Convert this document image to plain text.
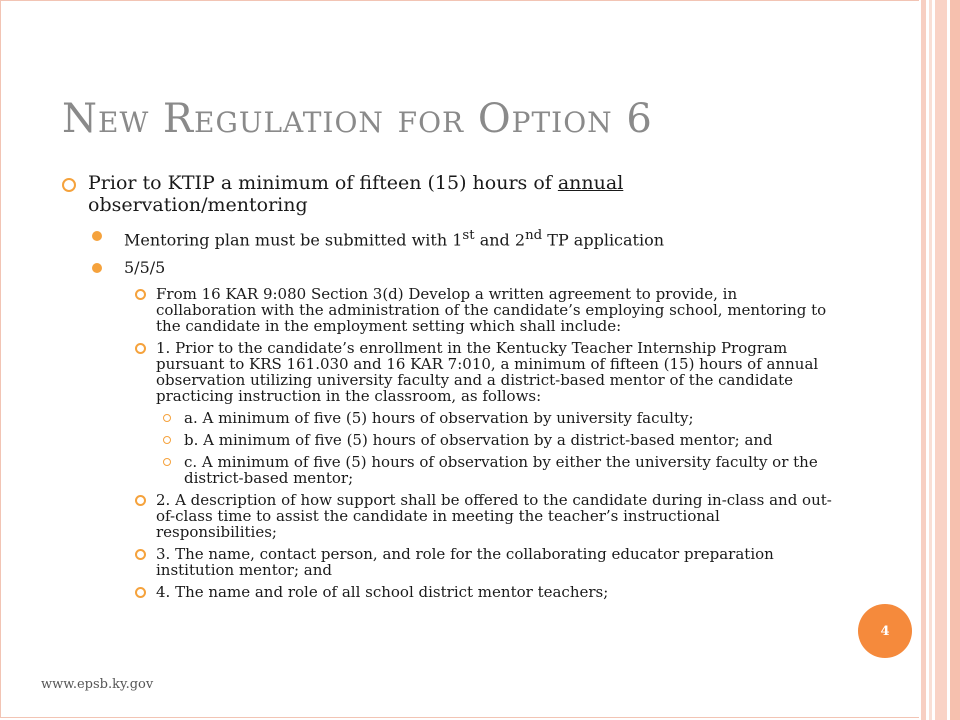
New Regulation for Option 6
Prior to KTIP a minimum of fifteen (15) hours of annual observation/mentoring
Mentoring plan must be submitted with 1st and 2nd TP application
5/5/5
From 16 KAR 9:080 Section 3(d) Develop a written agreement to provide, in collaboration with the administration of the candidate’s employing school, mentoring to the candidate in the employment setting which shall include:
1. Prior to the candidate’s enrollment in the Kentucky Teacher Internship Program pursuant to KRS 161.030 and 16 KAR 7:010, a minimum of fifteen (15) hours of annual observation utilizing university faculty and a district-based mentor of the candidate practicing instruction in the classroom, as follows:
a. A minimum of five (5) hours of observation by university faculty;
b. A minimum of five (5) hours of observation by a district-based mentor; and
c. A minimum of five (5) hours of observation by either the university faculty or the district-based mentor;
2. A description of how support shall be offered to the candidate during in-class and out-of-class time to assist the candidate in meeting the teacher’s instructional responsibilities;
3. The name, contact person, and role for the collaborating educator preparation institution mentor; and
4. The name and role of all school district mentor teachers;
4
www.epsb.ky.gov
